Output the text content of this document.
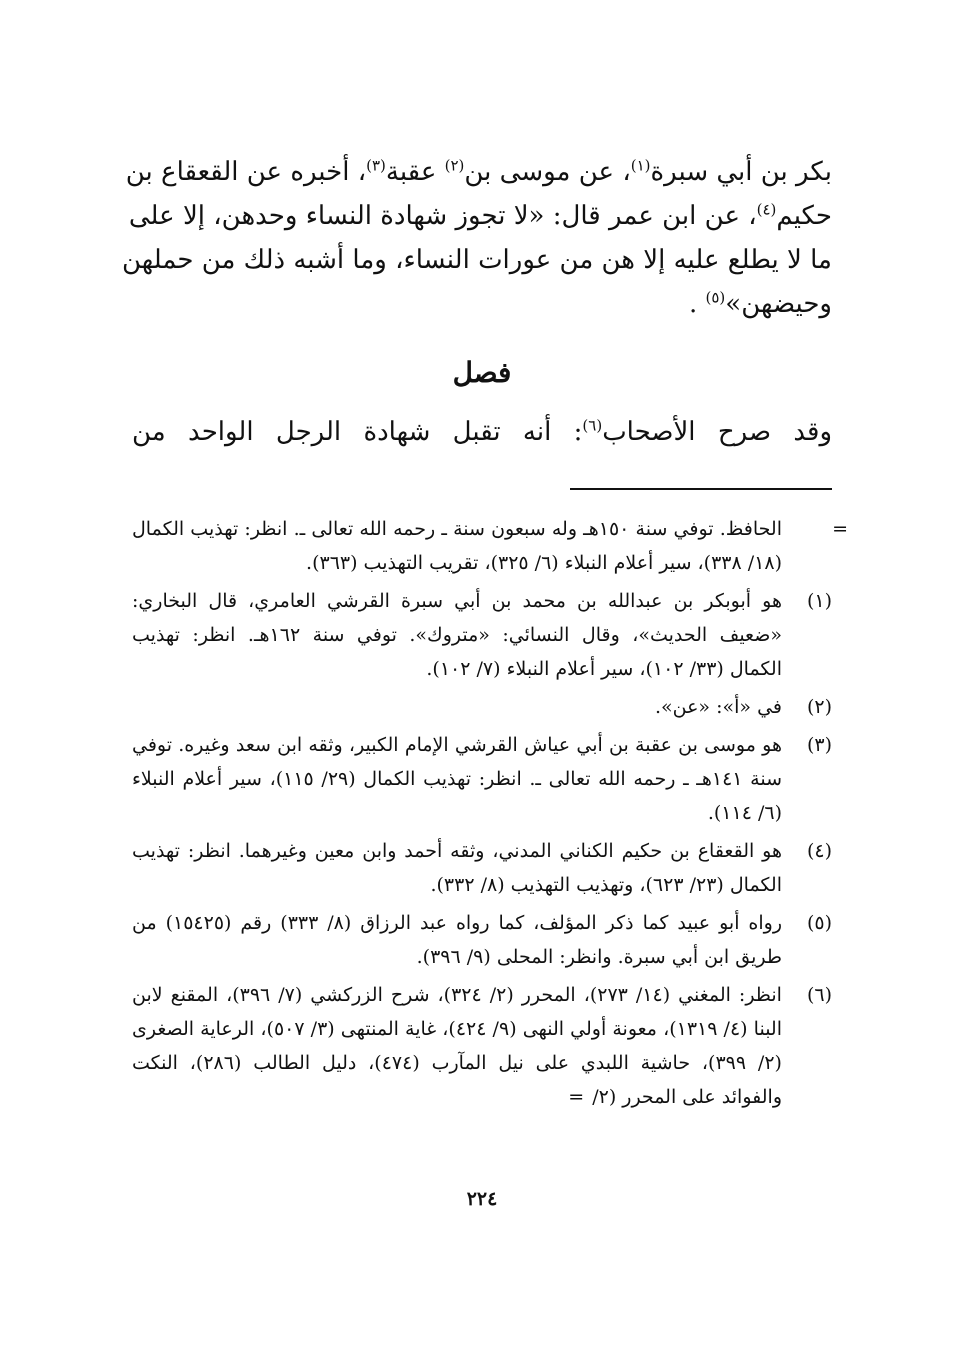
بكر بن أبي سبرة$^{(١)}$، عن موسى بن$^{(٢)}$ عقبة$^{(٣)}$، أخبره عن القعقاع بن
حكيم$^{(٤)}$، عن ابن عمر قال: «لا تجوز شهادة النساء وحدهن، إلا على
ما لا يطلع عليه إلا هن من عورات النساء، وما أشبه ذلك من حملهن
وحيضهن»$^{(٥)}$ .
فصل

وقد صرح الأصحاب$^{(٦)}$: أنه تقبل شهادة الرجل الواحد من

=
الحافظ. توفي سنة ١٥٠هـ وله سبعون سنة ـ رحمه الله تعالى ـ. انظر: تهذيب الكمال (١٨/ ٣٣٨)، سير أعلام النبلاء (٦/ ٣٢٥)، تقريب التهذيب (٣٦٣).
(١)
هو أبوبكر بن عبدالله بن محمد بن أبي سبرة القرشي العامري، قال البخاري: «ضعيف الحديث»، وقال النسائي: «متروك». توفي سنة ١٦٢هـ. انظر: تهذيب الكمال (٣٣/ ١٠٢)، سير أعلام النبلاء (٧/ ١٠٢).
(٢)
في «أ»: «عن».
(٣)
هو موسى بن عقبة بن أبي عياش القرشي الإمام الكبير، وثقه ابن سعد وغيره. توفي سنة ١٤١هـ ـ رحمه الله تعالى ـ. انظر: تهذيب الكمال (٢٩/ ١١٥)، سير أعلام النبلاء (٦/ ١١٤).
(٤)
هو القعقاع بن حكيم الكناني المدني، وثقه أحمد وابن معين وغيرهما. انظر: تهذيب الكمال (٢٣/ ٦٢٣)، وتهذيب التهذيب (٨/ ٣٣٢).
(٥)
رواه أبو عبيد كما ذكر المؤلف، كما رواه عبد الرزاق (٨/ ٣٣٣) رقم (١٥٤٢٥) من طريق ابن أبي سبرة. وانظر: المحلى (٩/ ٣٩٦).
(٦)
انظر: المغني (١٤/ ٢٧٣)، المحرر (٢/ ٣٢٤)، شرح الزركشي (٧/ ٣٩٦)، المقنع لابن البنا (٤/ ١٣١٩)، معونة أولي النهى (٩/ ٤٢٤)، غاية المنتهى (٣/ ٥٠٧)، الرعاية الصغرى (٢/ ٣٩٩)، حاشية اللبدي على نيل المآرب (٤٧٤)، دليل الطالب (٢٨٦)، النكت والفوائد على المحرر (٢/=
٢٢٤
